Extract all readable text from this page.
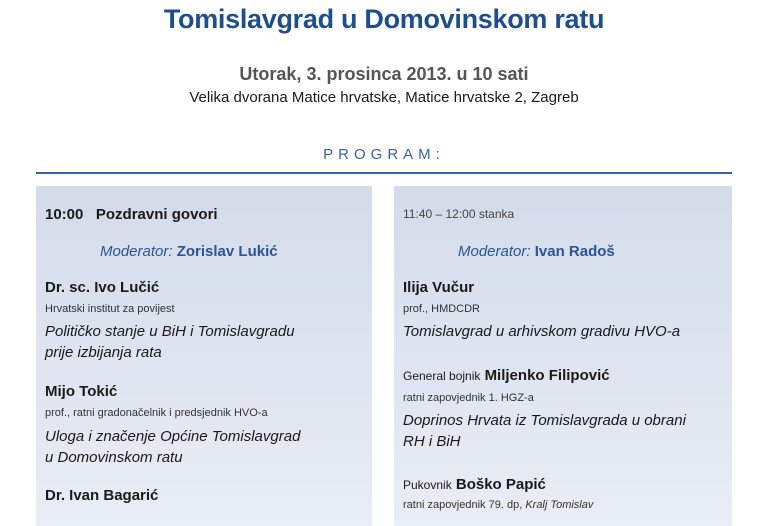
Tomislavgrad u Domovinskom ratu
Utorak, 3. prosinca 2013. u 10 sati
Velika dvorana Matice hrvatske, Matice hrvatske 2, Zagreb
PROGRAM:
10:00 Pozdravni govori
Moderator: Zorislav Lukić
Dr. sc. Ivo Lučić
Hrvatski institut za povijest
Političko stanje u BiH i Tomislavgradu
prije izbijanja rata
Mijo Tokić
prof., ratni gradonačelnik i predsjednik HVO-a
Uloga i značenje Općine Tomislavgrad
u Domovinskom ratu
Dr. Ivan Bagarić
11:40 – 12:00 stanka
Moderator: Ivan Radoš
Ilija Vučur
prof., HMDCDR
Tomislavgrad u arhivskom gradivu HVO-a
General bojnik Miljenko Filipović
ratni zapovjednik 1. HGZ-a
Doprinos Hrvata iz Tomislavgrada u obrani
RH i BiH
Pukovnik Boško Papić
ratni zapovjednik 79. dp, Kralj Tomislav
